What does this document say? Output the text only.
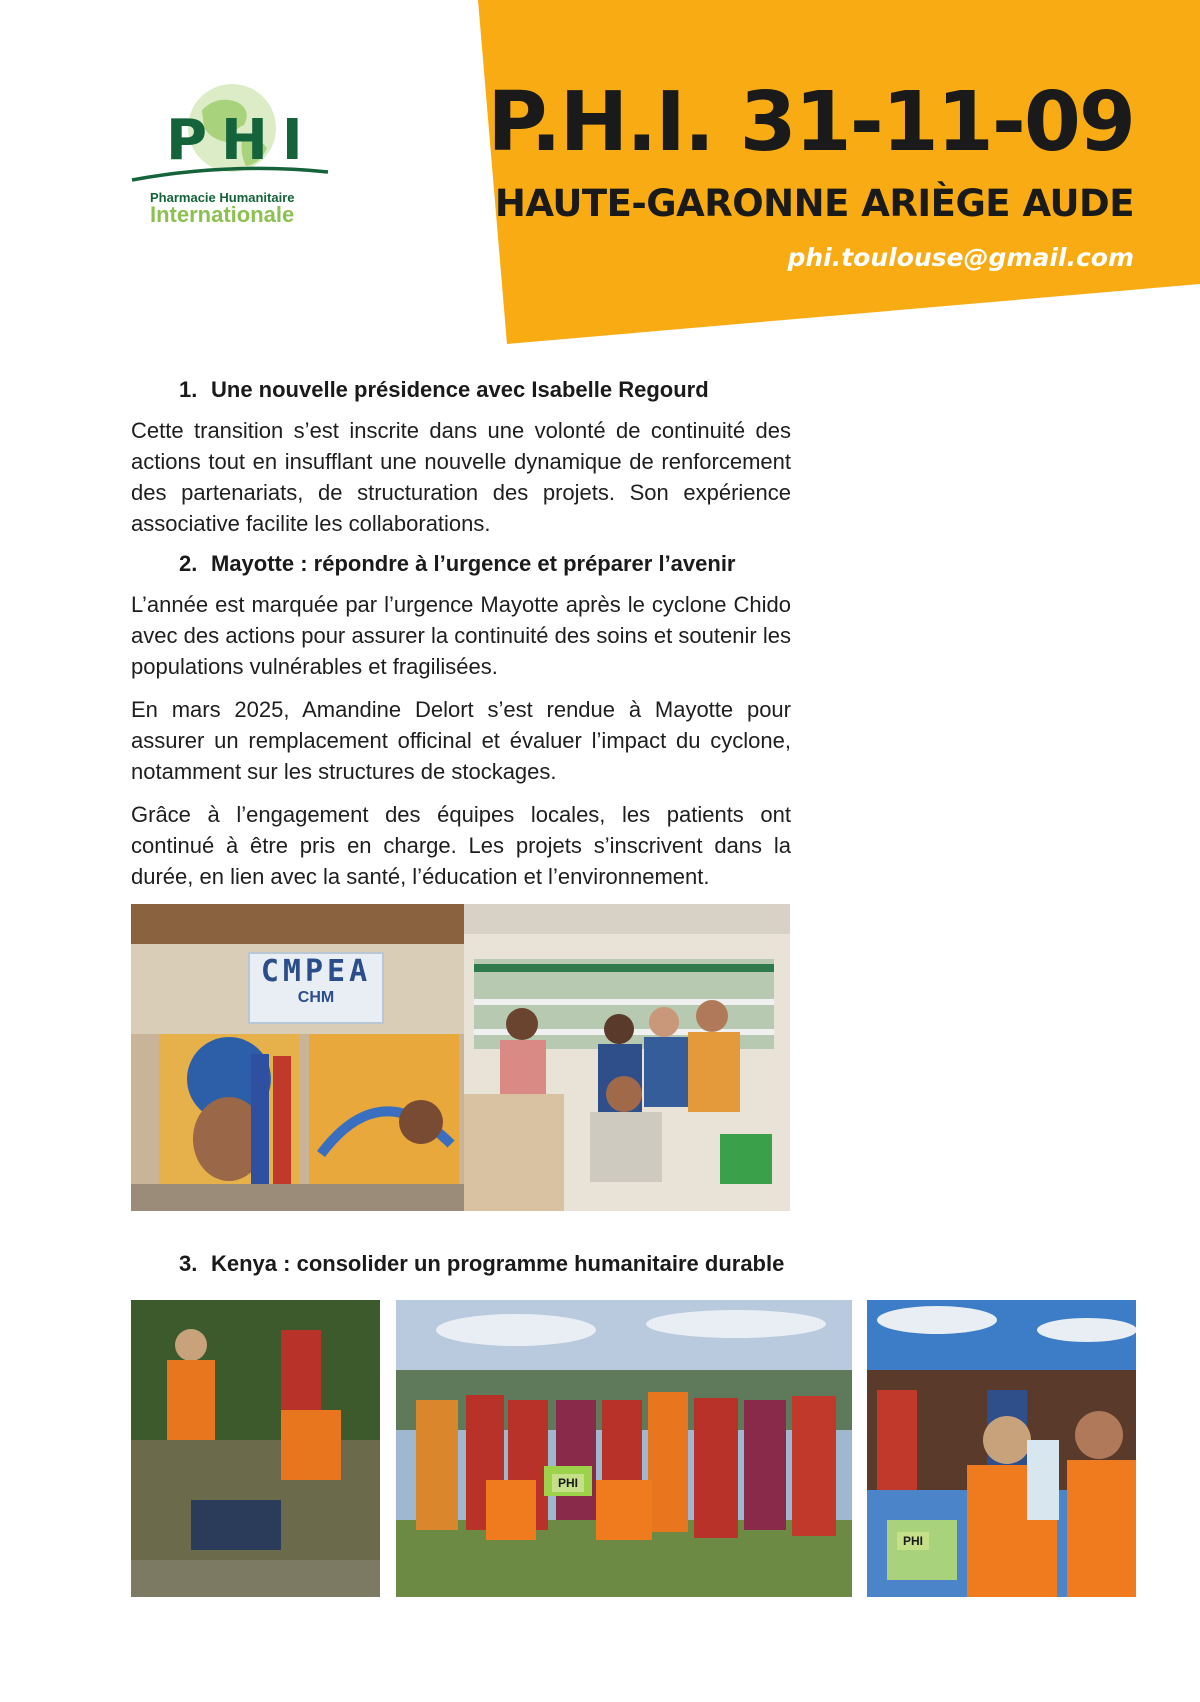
P.H.I. 31-11-09
HAUTE-GARONNE ARIÈGE AUDE
phi.toulouse@gmail.com
PHI
Pharmacie Humanitaire
Internationale
1. Une nouvelle présidence avec Isabelle Regourd

Cette transition s’est inscrite dans une volonté de continuité des actions tout en insufflant une nouvelle dynamique de renforcement des partenariats, de structuration des projets. Son expérience associative facilite les collaborations.

2. Mayotte : répondre à l’urgence et préparer l’avenir

L’année est marquée par l’urgence Mayotte après le cyclone Chido avec des actions pour assurer la continuité des soins et soutenir les populations vulnérables et fragilisées.

En mars 2025, Amandine Delort s’est rendue à Mayotte pour assurer un remplacement officinal et évaluer l’impact du cyclone, notamment sur les structures de stockages.

Grâce à l’engagement des équipes locales, les patients ont continué à être pris en charge. Les projets s’inscrivent dans la durée, en lien avec la santé, l’éducation et l’environnement.

CMPEA
CHM
3. Kenya : consolider un programme humanitaire durable
PHI
PHI
